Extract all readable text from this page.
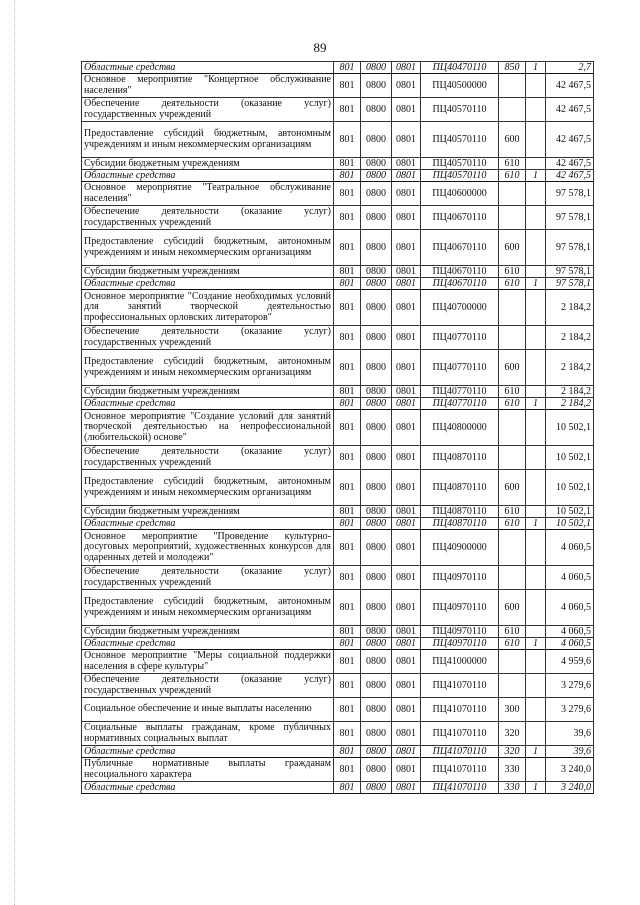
89
Областные средства	801	0800	0801	ПЦ40470110	850	1	2,7
Основное мероприятие "Концертное обслуживание населения"	801	0800	0801	ПЦ40500000			42 467,5
Обеспечение деятельности (оказание услуг) государственных учреждений	801	0800	0801	ПЦ40570110			42 467,5
Предоставление субсидий бюджетным, автономным учреждениям и иным некоммерческим организациям	801	0800	0801	ПЦ40570110	600		42 467,5
Субсидии бюджетным учреждениям	801	0800	0801	ПЦ40570110	610		42 467,5
Областные средства	801	0800	0801	ПЦ40570110	610	1	42 467,5
Основное мероприятие "Театральное обслуживание населения"	801	0800	0801	ПЦ40600000			97 578,1
Обеспечение деятельности (оказание услуг) государственных учреждений	801	0800	0801	ПЦ40670110			97 578,1
Предоставление субсидий бюджетным, автономным учреждениям и иным некоммерческим организациям	801	0800	0801	ПЦ40670110	600		97 578,1
Субсидии бюджетным учреждениям	801	0800	0801	ПЦ40670110	610		97 578,1
Областные средства	801	0800	0801	ПЦ40670110	610	1	97 578,1
Основное мероприятие "Создание необходимых условий для занятий творческой деятельностью профессиональных орловских литераторов"	801	0800	0801	ПЦ40700000			2 184,2
Обеспечение деятельности (оказание услуг) государственных учреждений	801	0800	0801	ПЦ40770110			2 184,2
Предоставление субсидий бюджетным, автономным учреждениям и иным некоммерческим организациям	801	0800	0801	ПЦ40770110	600		2 184,2
Субсидии бюджетным учреждениям	801	0800	0801	ПЦ40770110	610		2 184,2
Областные средства	801	0800	0801	ПЦ40770110	610	1	2 184,2
Основное мероприятие "Создание условий для занятий творческой деятельностью на непрофессиональной (любительской) основе"	801	0800	0801	ПЦ40800000			10 502,1
Обеспечение деятельности (оказание услуг) государственных учреждений	801	0800	0801	ПЦ40870110			10 502,1
Предоставление субсидий бюджетным, автономным учреждениям и иным некоммерческим организациям	801	0800	0801	ПЦ40870110	600		10 502,1
Субсидии бюджетным учреждениям	801	0800	0801	ПЦ40870110	610		10 502,1
Областные средства	801	0800	0801	ПЦ40870110	610	1	10 502,1
Основное мероприятие "Проведение культурно-досуговых мероприятий, художественных конкурсов для одаренных детей и молодежи"	801	0800	0801	ПЦ40900000			4 060,5
Обеспечение деятельности (оказание услуг) государственных учреждений	801	0800	0801	ПЦ40970110			4 060,5
Предоставление субсидий бюджетным, автономным учреждениям и иным некоммерческим организациям	801	0800	0801	ПЦ40970110	600		4 060,5
Субсидии бюджетным учреждениям	801	0800	0801	ПЦ40970110	610		4 060,5
Областные средства	801	0800	0801	ПЦ40970110	610	1	4 060,5
Основное мероприятие "Меры социальной поддержки населения в сфере культуры"	801	0800	0801	ПЦ41000000			4 959,6
Обеспечение деятельности (оказание услуг) государственных учреждений	801	0800	0801	ПЦ41070110			3 279,6
Социальное обеспечение и иные выплаты населению	801	0800	0801	ПЦ41070110	300		3 279,6
Социальные выплаты гражданам, кроме публичных нормативных социальных выплат	801	0800	0801	ПЦ41070110	320		39,6
Областные средства	801	0800	0801	ПЦ41070110	320	1	39,6
Публичные нормативные выплаты гражданам несоциального характера	801	0800	0801	ПЦ41070110	330		3 240,0
Областные средства	801	0800	0801	ПЦ41070110	330	1	3 240,0
